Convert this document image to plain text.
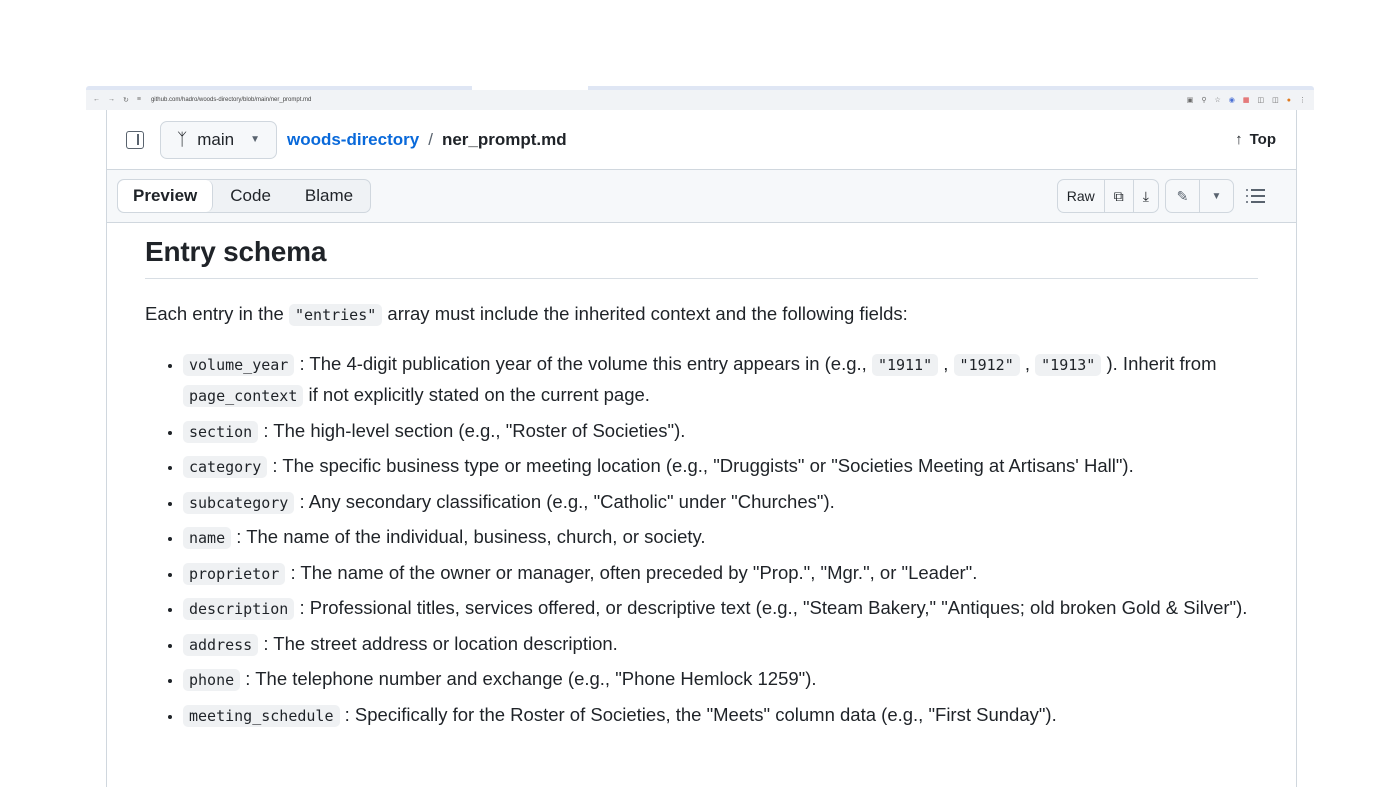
← → ↻ ≡ github.com/hadro/woods-directory/blob/main/ner_prompt.md	▣ ⚲ ☆ ◉ ▦ ◫ ◫ ● ⋮
ᛉ main ▼ woods-directory / ner_prompt.md	↑ Top
Preview	Code	Blame	Raw	⧉	⤓	✎	▼
Entry schema

Each entry in the "entries" array must include the inherited context and the following fields:

• volume_year : The 4-digit publication year of the volume this entry appears in (e.g., "1911" , "1912" , "1913" ). Inherit from page_context if not explicitly stated on the current page.
• section : The high-level section (e.g., "Roster of Societies").
• category : The specific business type or meeting location (e.g., "Druggists" or "Societies Meeting at Artisans' Hall").
• subcategory : Any secondary classification (e.g., "Catholic" under "Churches").
• name : The name of the individual, business, church, or society.
• proprietor : The name of the owner or manager, often preceded by "Prop.", "Mgr.", or "Leader".
• description : Professional titles, services offered, or descriptive text (e.g., "Steam Bakery," "Antiques; old broken Gold & Silver").
• address : The street address or location description.
• phone : The telephone number and exchange (e.g., "Phone Hemlock 1259").
• meeting_schedule : Specifically for the Roster of Societies, the "Meets" column data (e.g., "First Sunday").
